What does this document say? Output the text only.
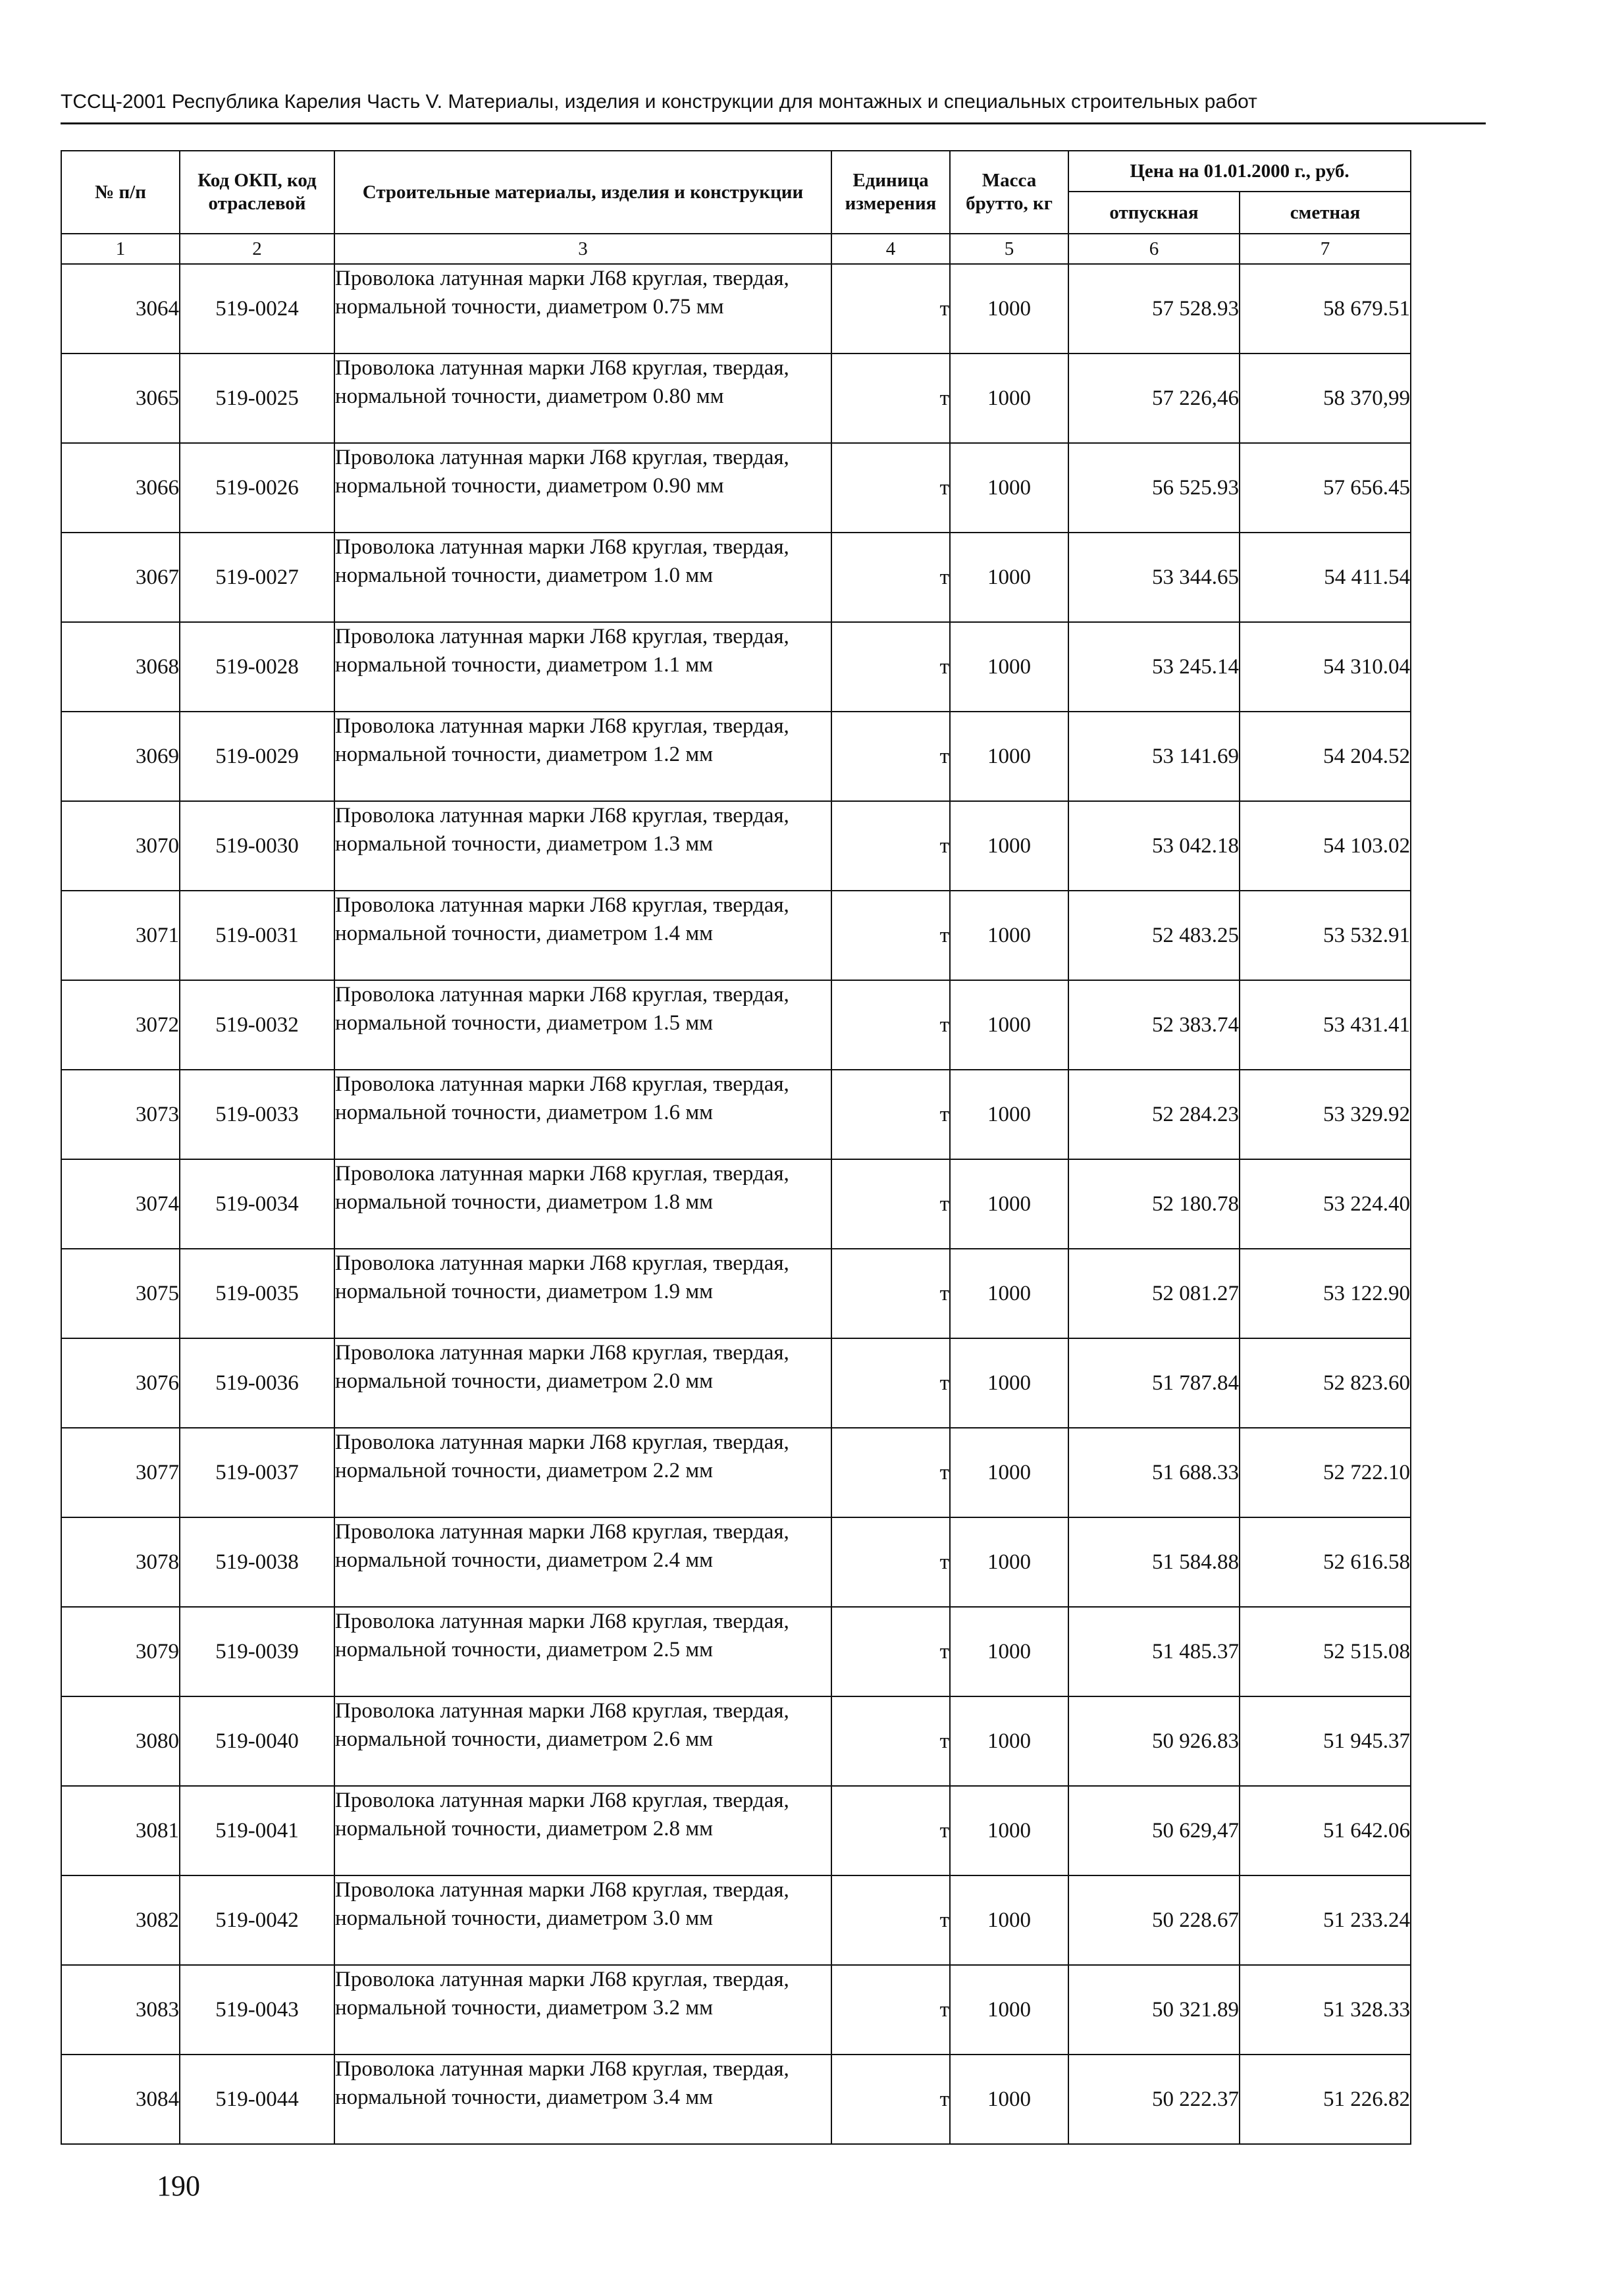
ТССЦ-2001 Республика Карелия Часть V. Материалы, изделия и конструкции для монтажных и специальных строительных работ
№ п/п	Код ОКП, код отраслевой	Строительные материалы, изделия и конструкции	Единица измерения	Масса брутто, кг	Цена на 01.01.2000 г., руб.	
					отпускная	сметная
1	2	3	4	5	6	7
3064	519-0024	Проволока латунная марки Л68 круглая, твердая, нормальной точности, диаметром 0.75 мм	т	1000	57 528.93	58 679.51
3065	519-0025	Проволока латунная марки Л68 круглая, твердая, нормальной точности, диаметром 0.80 мм	т	1000	57 226,46	58 370,99
3066	519-0026	Проволока латунная марки Л68 круглая, твердая, нормальной точности, диаметром 0.90 мм	т	1000	56 525.93	57 656.45
3067	519-0027	Проволока латунная марки Л68 круглая, твердая, нормальной точности, диаметром 1.0 мм	т	1000	53 344.65	54 411.54
3068	519-0028	Проволока латунная марки Л68 круглая, твердая, нормальной точности, диаметром 1.1 мм	т	1000	53 245.14	54 310.04
3069	519-0029	Проволока латунная марки Л68 круглая, твердая, нормальной точности, диаметром 1.2 мм	т	1000	53 141.69	54 204.52
3070	519-0030	Проволока латунная марки Л68 круглая, твердая, нормальной точности, диаметром 1.3 мм	т	1000	53 042.18	54 103.02
3071	519-0031	Проволока латунная марки Л68 круглая, твердая, нормальной точности, диаметром 1.4 мм	т	1000	52 483.25	53 532.91
3072	519-0032	Проволока латунная марки Л68 круглая, твердая, нормальной точности, диаметром 1.5 мм	т	1000	52 383.74	53 431.41
3073	519-0033	Проволока латунная марки Л68 круглая, твердая, нормальной точности, диаметром 1.6 мм	т	1000	52 284.23	53 329.92
3074	519-0034	Проволока латунная марки Л68 круглая, твердая, нормальной точности, диаметром 1.8 мм	т	1000	52 180.78	53 224.40
3075	519-0035	Проволока латунная марки Л68 круглая, твердая, нормальной точности, диаметром 1.9 мм	т	1000	52 081.27	53 122.90
3076	519-0036	Проволока латунная марки Л68 круглая, твердая, нормальной точности, диаметром 2.0 мм	т	1000	51 787.84	52 823.60
3077	519-0037	Проволока латунная марки Л68 круглая, твердая, нормальной точности, диаметром 2.2 мм	т	1000	51 688.33	52 722.10
3078	519-0038	Проволока латунная марки Л68 круглая, твердая, нормальной точности, диаметром 2.4 мм	т	1000	51 584.88	52 616.58
3079	519-0039	Проволока латунная марки Л68 круглая, твердая, нормальной точности, диаметром 2.5 мм	т	1000	51 485.37	52 515.08
3080	519-0040	Проволока латунная марки Л68 круглая, твердая, нормальной точности, диаметром 2.6 мм	т	1000	50 926.83	51 945.37
3081	519-0041	Проволока латунная марки Л68 круглая, твердая, нормальной точности, диаметром 2.8 мм	т	1000	50 629,47	51 642.06
3082	519-0042	Проволока латунная марки Л68 круглая, твердая, нормальной точности, диаметром 3.0 мм	т	1000	50 228.67	51 233.24
3083	519-0043	Проволока латунная марки Л68 круглая, твердая, нормальной точности, диаметром 3.2 мм	т	1000	50 321.89	51 328.33
3084	519-0044	Проволока латунная марки Л68 круглая, твердая, нормальной точности, диаметром 3.4 мм	т	1000	50 222.37	51 226.82
190
